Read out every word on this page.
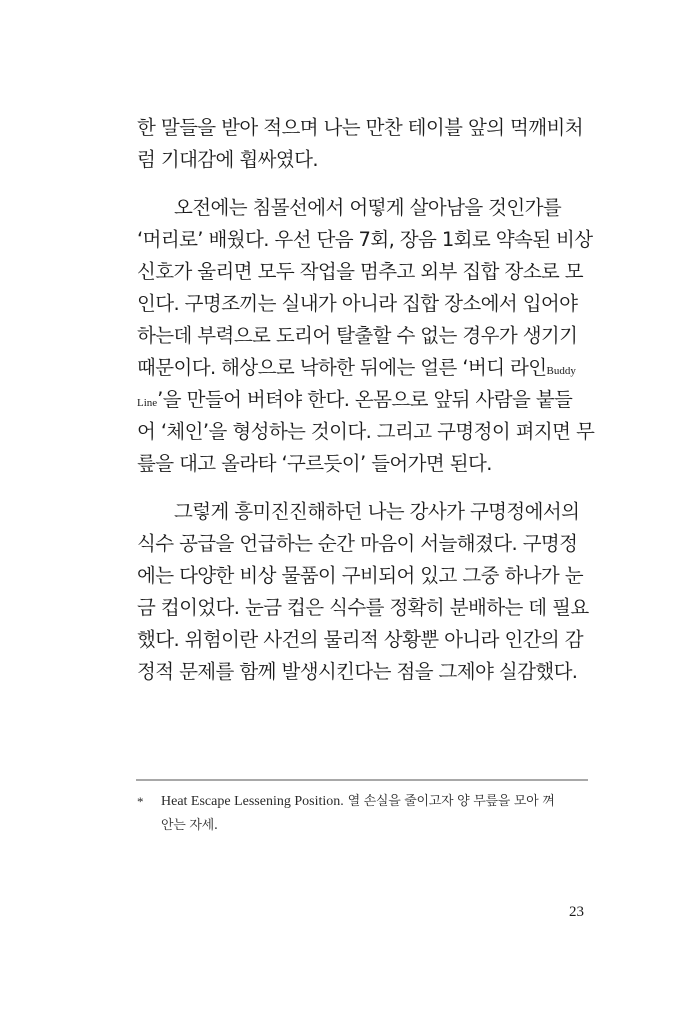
한 말들을 받아 적으며 나는 만찬 테이블 앞의 먹깨비처
럼 기대감에 휩싸였다.
오전에는 침몰선에서 어떻게 살아남을 것인가를
‘머리로’ 배웠다. 우선 단음 7회, 장음 1회로 약속된 비상
신호가 울리면 모두 작업을 멈추고 외부 집합 장소로 모
인다. 구명조끼는 실내가 아니라 집합 장소에서 입어야
하는데 부력으로 도리어 탈출할 수 없는 경우가 생기기
때문이다. 해상으로 낙하한 뒤에는 얼른 ‘버디 라인Buddy
Line’을 만들어 버텨야 한다. 온몸으로 앞뒤 사람을 붙들
어 ‘체인’을 형성하는 것이다. 그리고 구명정이 펴지면 무
릎을 대고 올라타 ‘구르듯이’ 들어가면 된다.
그렇게 흥미진진해하던 나는 강사가 구명정에서의
식수 공급을 언급하는 순간 마음이 서늘해졌다. 구명정
에는 다양한 비상 물품이 구비되어 있고 그중 하나가 눈
금 컵이었다. 눈금 컵은 식수를 정확히 분배하는 데 필요
했다. 위험이란 사건의 물리적 상황뿐 아니라 인간의 감
정적 문제를 함께 발생시킨다는 점을 그제야 실감했다.
* Heat Escape Lessening Position. 열 손실을 줄이고자 양 무릎을 모아 껴
안는 자세.
23
